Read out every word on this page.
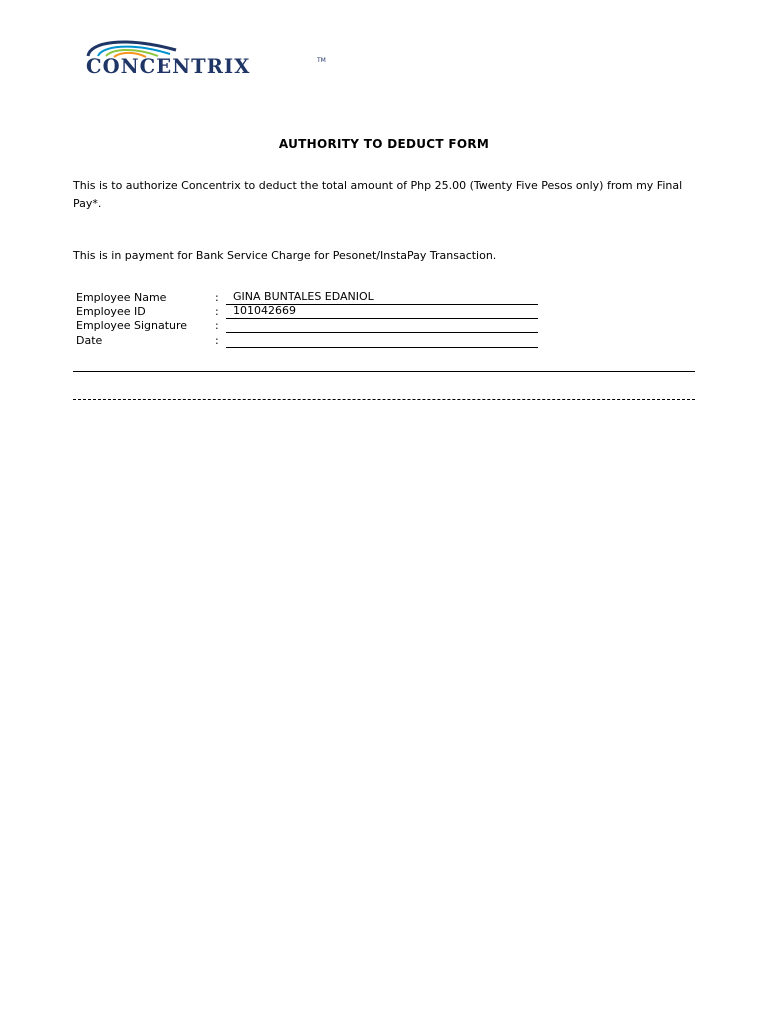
CONCENTRIX	TM
AUTHORITY TO DEDUCT FORM
This is to authorize Concentrix to deduct the total amount of Php 25.00 (Twenty Five Pesos only) from my Final Pay*.
This is in payment for Bank Service Charge for Pesonet/InstaPay Transaction.
Employee Name	: GINA BUNTALES EDANIOL
Employee ID	: 101042669
Employee Signature	:
Date	:
